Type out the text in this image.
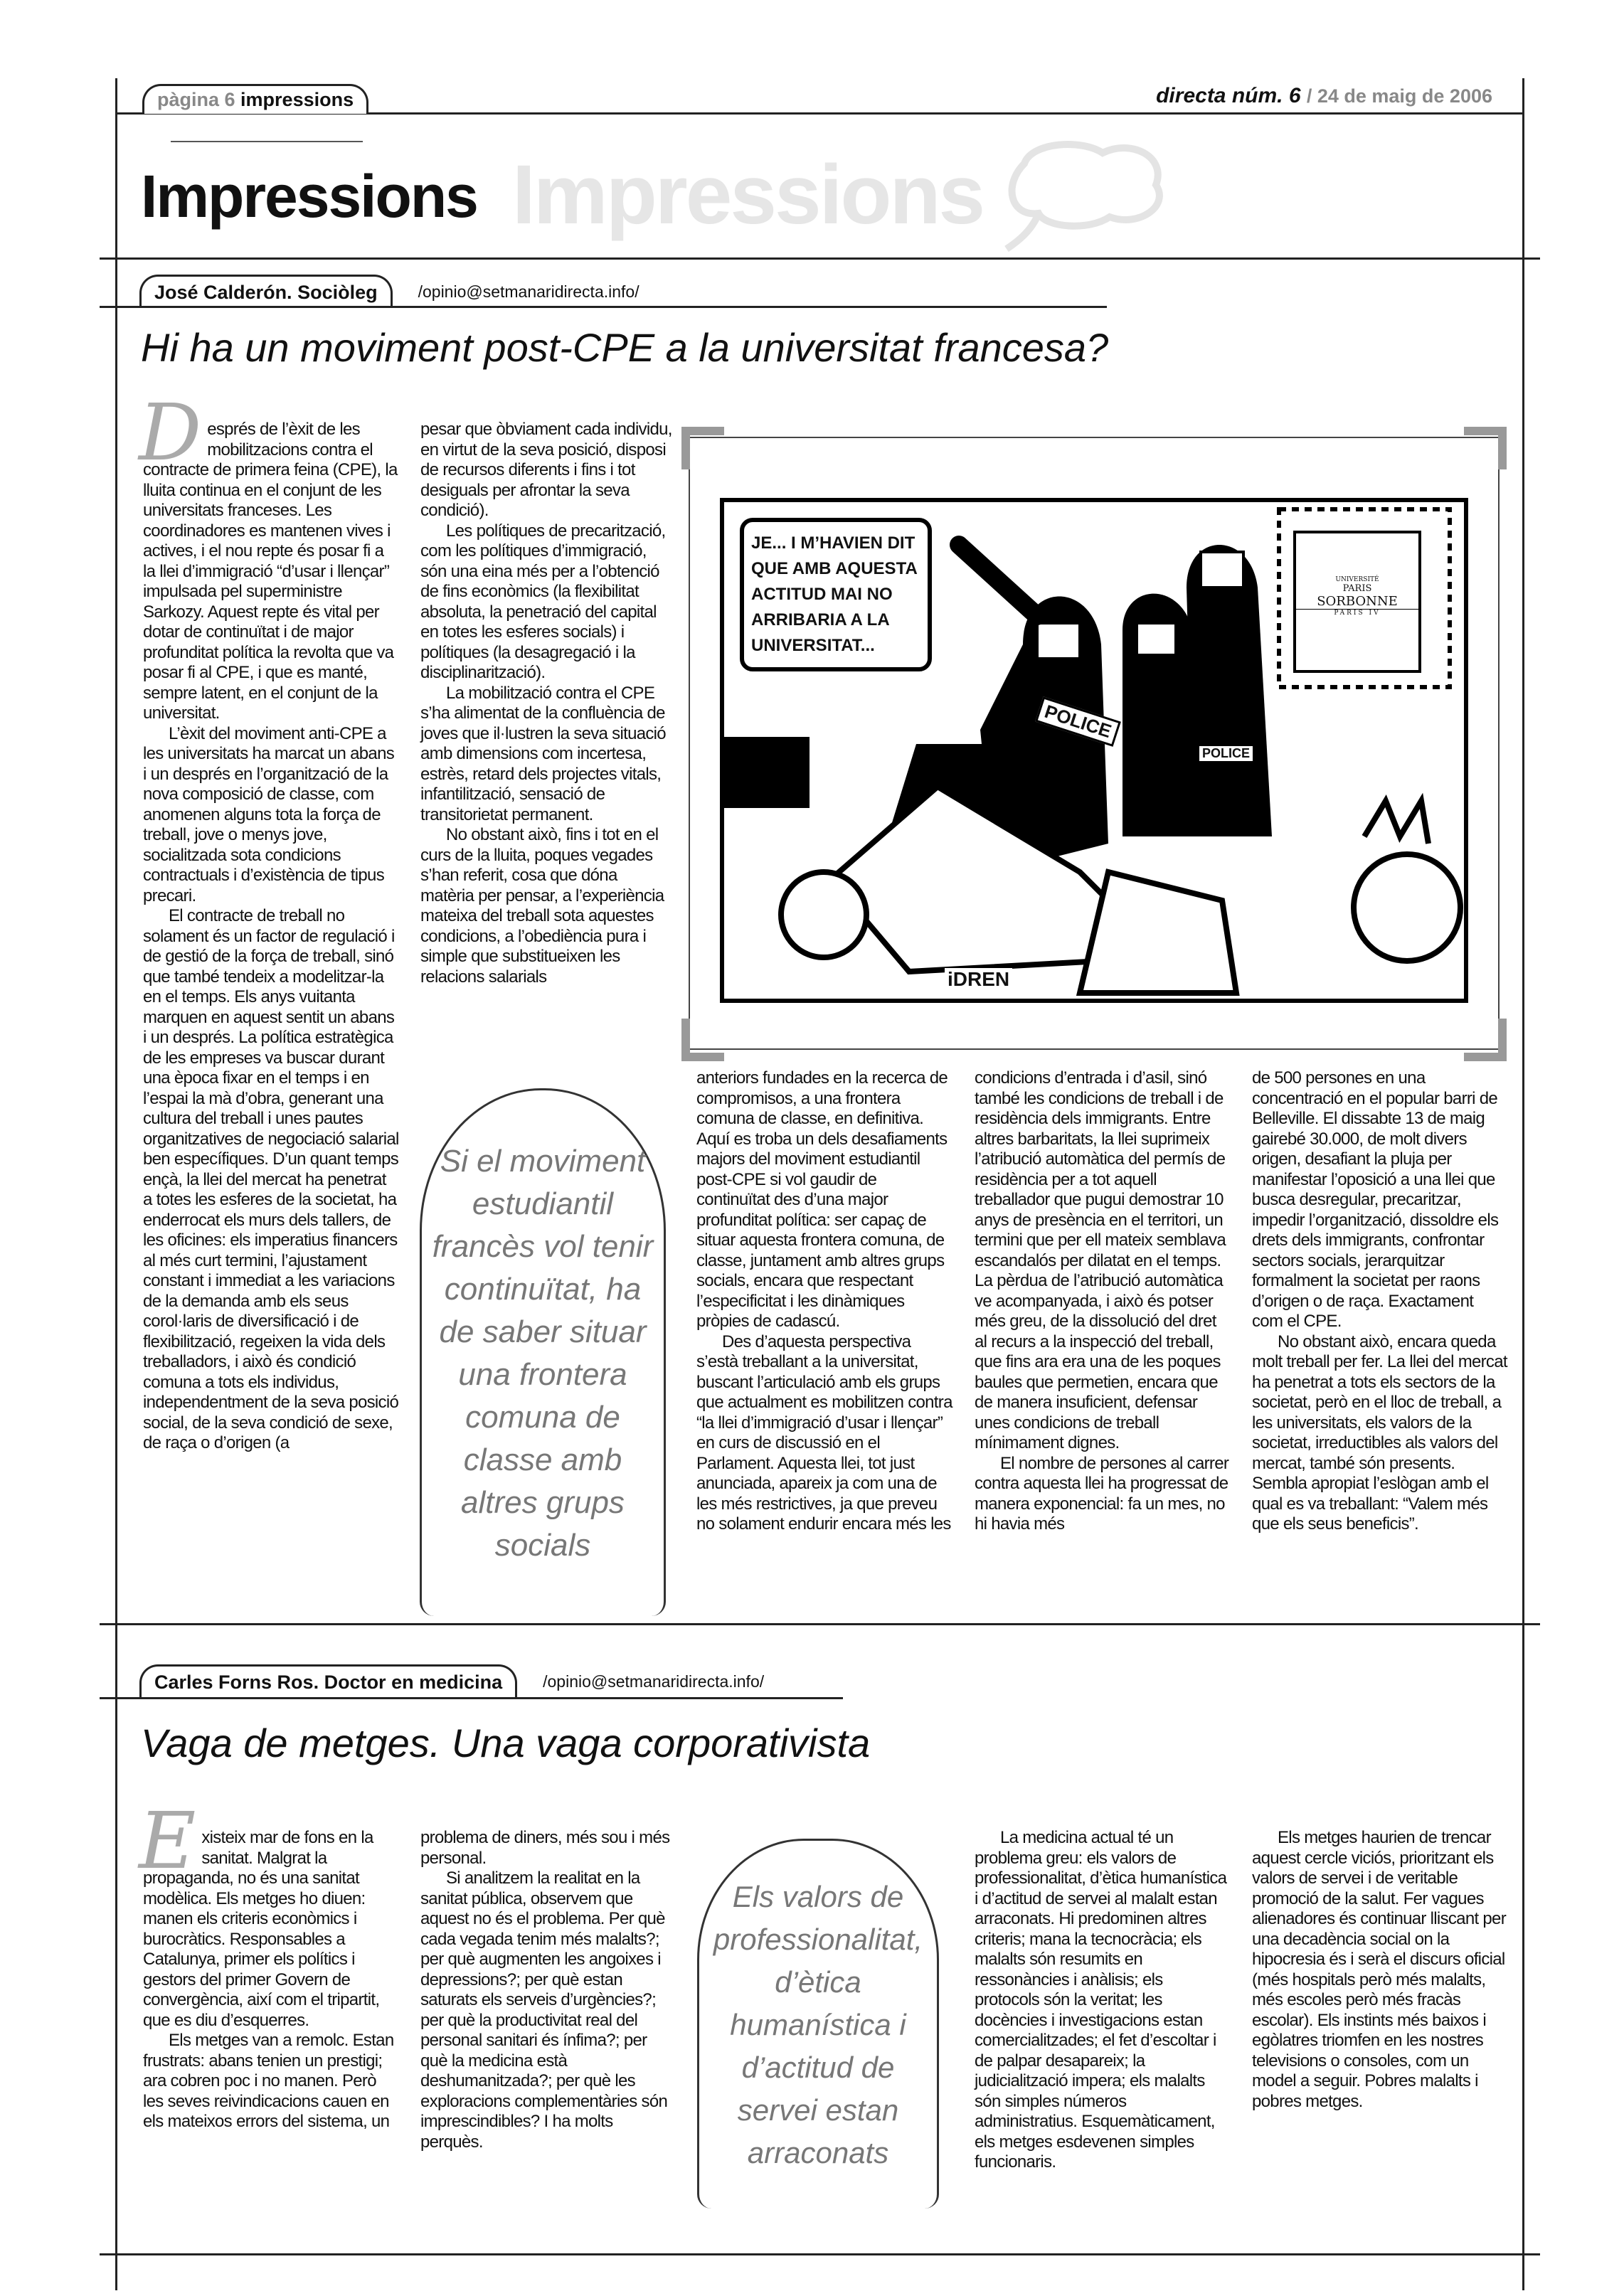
pàgina 6 impressions	directa núm. 6 / 24 de maig de 2006
Impressions Impressions
José Calderón. Sociòleg	/opinio@setmanaridirecta.info/
Hi ha un moviment post-CPE a la universitat francesa?
D esprés de l’èxit de les mobilitzacions contra el contracte de primera feina (CPE), la lluita continua en el conjunt de les universitats franceses. Les coordinadores es mantenen vives i actives, i el nou repte és posar fi a la llei d’immigració “d’usar i llençar” impulsada pel superministre Sarkozy. Aquest repte és vital per dotar de continuïtat i de major profunditat política la revolta que va posar fi al CPE, i que es manté, sempre latent, en el conjunt de la universitat.

L’èxit del moviment anti-CPE a les universitats ha marcat un abans i un després en l’organització de la nova composició de classe, com anomenen alguns tota la força de treball, jove o menys jove, socialitzada sota condicions contractuals i d’existència de tipus precari.

El contracte de treball no solament és un factor de regulació i de gestió de la força de treball, sinó que també tendeix a modelitzar-la en el temps. Els anys vuitanta marquen en aquest sentit un abans i un després. La política estratègica de les empreses va buscar durant una època fixar en el temps i en l’espai la mà d’obra, generant una cultura del treball i unes pautes organitzatives de negociació salarial ben específiques. D’un quant temps ençà, la llei del mercat ha penetrat a totes les esferes de la societat, ha enderrocat els murs dels tallers, de les oficines: els imperatius financers al més curt termini, l’ajustament constant i immediat a les variacions de la demanda amb els seus corol·laris de diversificació i de flexibilització, regeixen la vida dels treballadors, i això és condició comuna a tots els individus, independentment de la seva posició social, de la seva condició de sexe, de raça o d’origen (a

pesar que òbviament cada individu, en virtut de la seva posició, disposi de recursos diferents i fins i tot desiguals per afrontar la seva condició).

Les polítiques de precarització, com les polítiques d’immigració, són una eina més per a l’obtenció de fins econòmics (la flexibilitat absoluta, la penetració del capital en totes les esferes socials) i polítiques (la desagregació i la disciplinarització).

La mobilització contra el CPE s’ha alimentat de la confluència de joves que il·lustren la seva situació amb dimensions com incertesa, estrès, retard dels projectes vitals, infantilització, sensació de transitorietat permanent.

No obstant això, fins i tot en el curs de la lluita, poques vegades s’han referit, cosa que dóna matèria per pensar, a l’experiència mateixa del treball sota aquestes condicions, a l’obediència pura i simple que substitueixen les relacions salarials

JE... I M’HAVIEN DIT QUE AMB AQUESTA ACTITUD MAI NO ARRIBARIA A LA UNIVERSITAT...
POLICE
POLICE
UNIVERSITÉ
PARIS
SORBONNE
PARIS IV
iDREN
Si el moviment estudiantil francès vol tenir continuïtat, ha de saber situar una frontera comuna de classe amb altres grups socials

anteriors fundades en la recerca de compromisos, a una frontera comuna de classe, en definitiva. Aquí es troba un dels desafiaments majors del moviment estudiantil post-CPE si vol gaudir de continuïtat des d’una major profunditat política: ser capaç de situar aquesta frontera comuna, de classe, juntament amb altres grups socials, encara que respectant l’especificitat i les dinàmiques pròpies de cadascú.

Des d’aquesta perspectiva s’està treballant a la universitat, buscant l’articulació amb els grups que actualment es mobilitzen contra “la llei d’immigració d’usar i llençar” en curs de discussió en el Parlament. Aquesta llei, tot just anunciada, apareix ja com una de les més restrictives, ja que preveu no solament endurir encara més les

condicions d’entrada i d’asil, sinó també les condicions de treball i de residència dels immigrants. Entre altres barbaritats, la llei suprimeix l’atribució automàtica del permís de residència per a tot aquell treballador que pugui demostrar 10 anys de presència en el territori, un termini que per ell mateix semblava escandalós per dilatat en el temps. La pèrdua de l’atribució automàtica ve acompanyada, i això és potser més greu, de la dissolució del dret al recurs a la inspecció del treball, que fins ara era una de les poques baules que permetien, encara que de manera insuficient, defensar unes condicions de treball mínimament dignes.

El nombre de persones al carrer contra aquesta llei ha progressat de manera exponencial: fa un mes, no hi havia més

de 500 persones en una concentració en el popular barri de Belleville. El dissabte 13 de maig gairebé 30.000, de molt divers origen, desafiant la pluja per manifestar l’oposició a una llei que busca desregular, precaritzar, impedir l’organització, dissoldre els drets dels immigrants, confrontar sectors socials, jerarquitzar formalment la societat per raons d’origen o de raça. Exactament com el CPE.

No obstant això, encara queda molt treball per fer. La llei del mercat ha penetrat a tots els sectors de la societat, però en el lloc de treball, a les universitats, els valors de la societat, irreductibles als valors del mercat, també són presents. Sembla apropiat l’eslògan amb el qual es va treballant: “Valem més que els seus beneficis”.

Carles Forns Ros. Doctor en medicina	/opinio@setmanaridirecta.info/
Vaga de metges. Una vaga corporativista
E xisteix mar de fons en la sanitat. Malgrat la propaganda, no és una sanitat modèlica. Els metges ho diuen: manen els criteris econòmics i burocràtics. Responsables a Catalunya, primer els polítics i gestors del primer Govern de convergència, així com el tripartit, que es diu d’esquerres.

Els metges van a remolc. Estan frustrats: abans tenien un prestigi; ara cobren poc i no manen. Però les seves reivindicacions cauen en els mateixos errors del sistema, un

problema de diners, més sou i més personal.

Si analitzem la realitat en la sanitat pública, observem que aquest no és el problema. Per què cada vegada tenim més malalts?; per què augmenten les angoixes i depressions?; per què estan saturats els serveis d’urgències?; per què la productivitat real del personal sanitari és ínfima?; per què la medicina està deshumanitzada?; per què les exploracions complementàries són imprescindibles? I ha molts perquès.

Els valors de professionalitat, d’ètica humanística i d’actitud de servei estan arraconats

La medicina actual té un problema greu: els valors de professionalitat, d’ètica humanística i d’actitud de servei al malalt estan arraconats. Hi predominen altres criteris; mana la tecnocràcia; els malalts són resumits en ressonàncies i anàlisis; els protocols són la veritat; les docències i investigacions estan comercialitzades; el fet d’escoltar i de palpar desapareix; la judicialització impera; els malalts són simples números administratius. Esquemàticament, els metges esdevenen simples funcionaris.

Els metges haurien de trencar aquest cercle viciós, prioritzant els valors de servei i de veritable promoció de la salut. Fer vagues alienadores és continuar lliscant per una decadència social on la hipocresia és i serà el discurs oficial (més hospitals però més malalts, més escoles però més fracàs escolar). Els instints més baixos i egòlatres triomfen en les nostres televisions o consoles, com un model a seguir. Pobres malalts i pobres metges.
